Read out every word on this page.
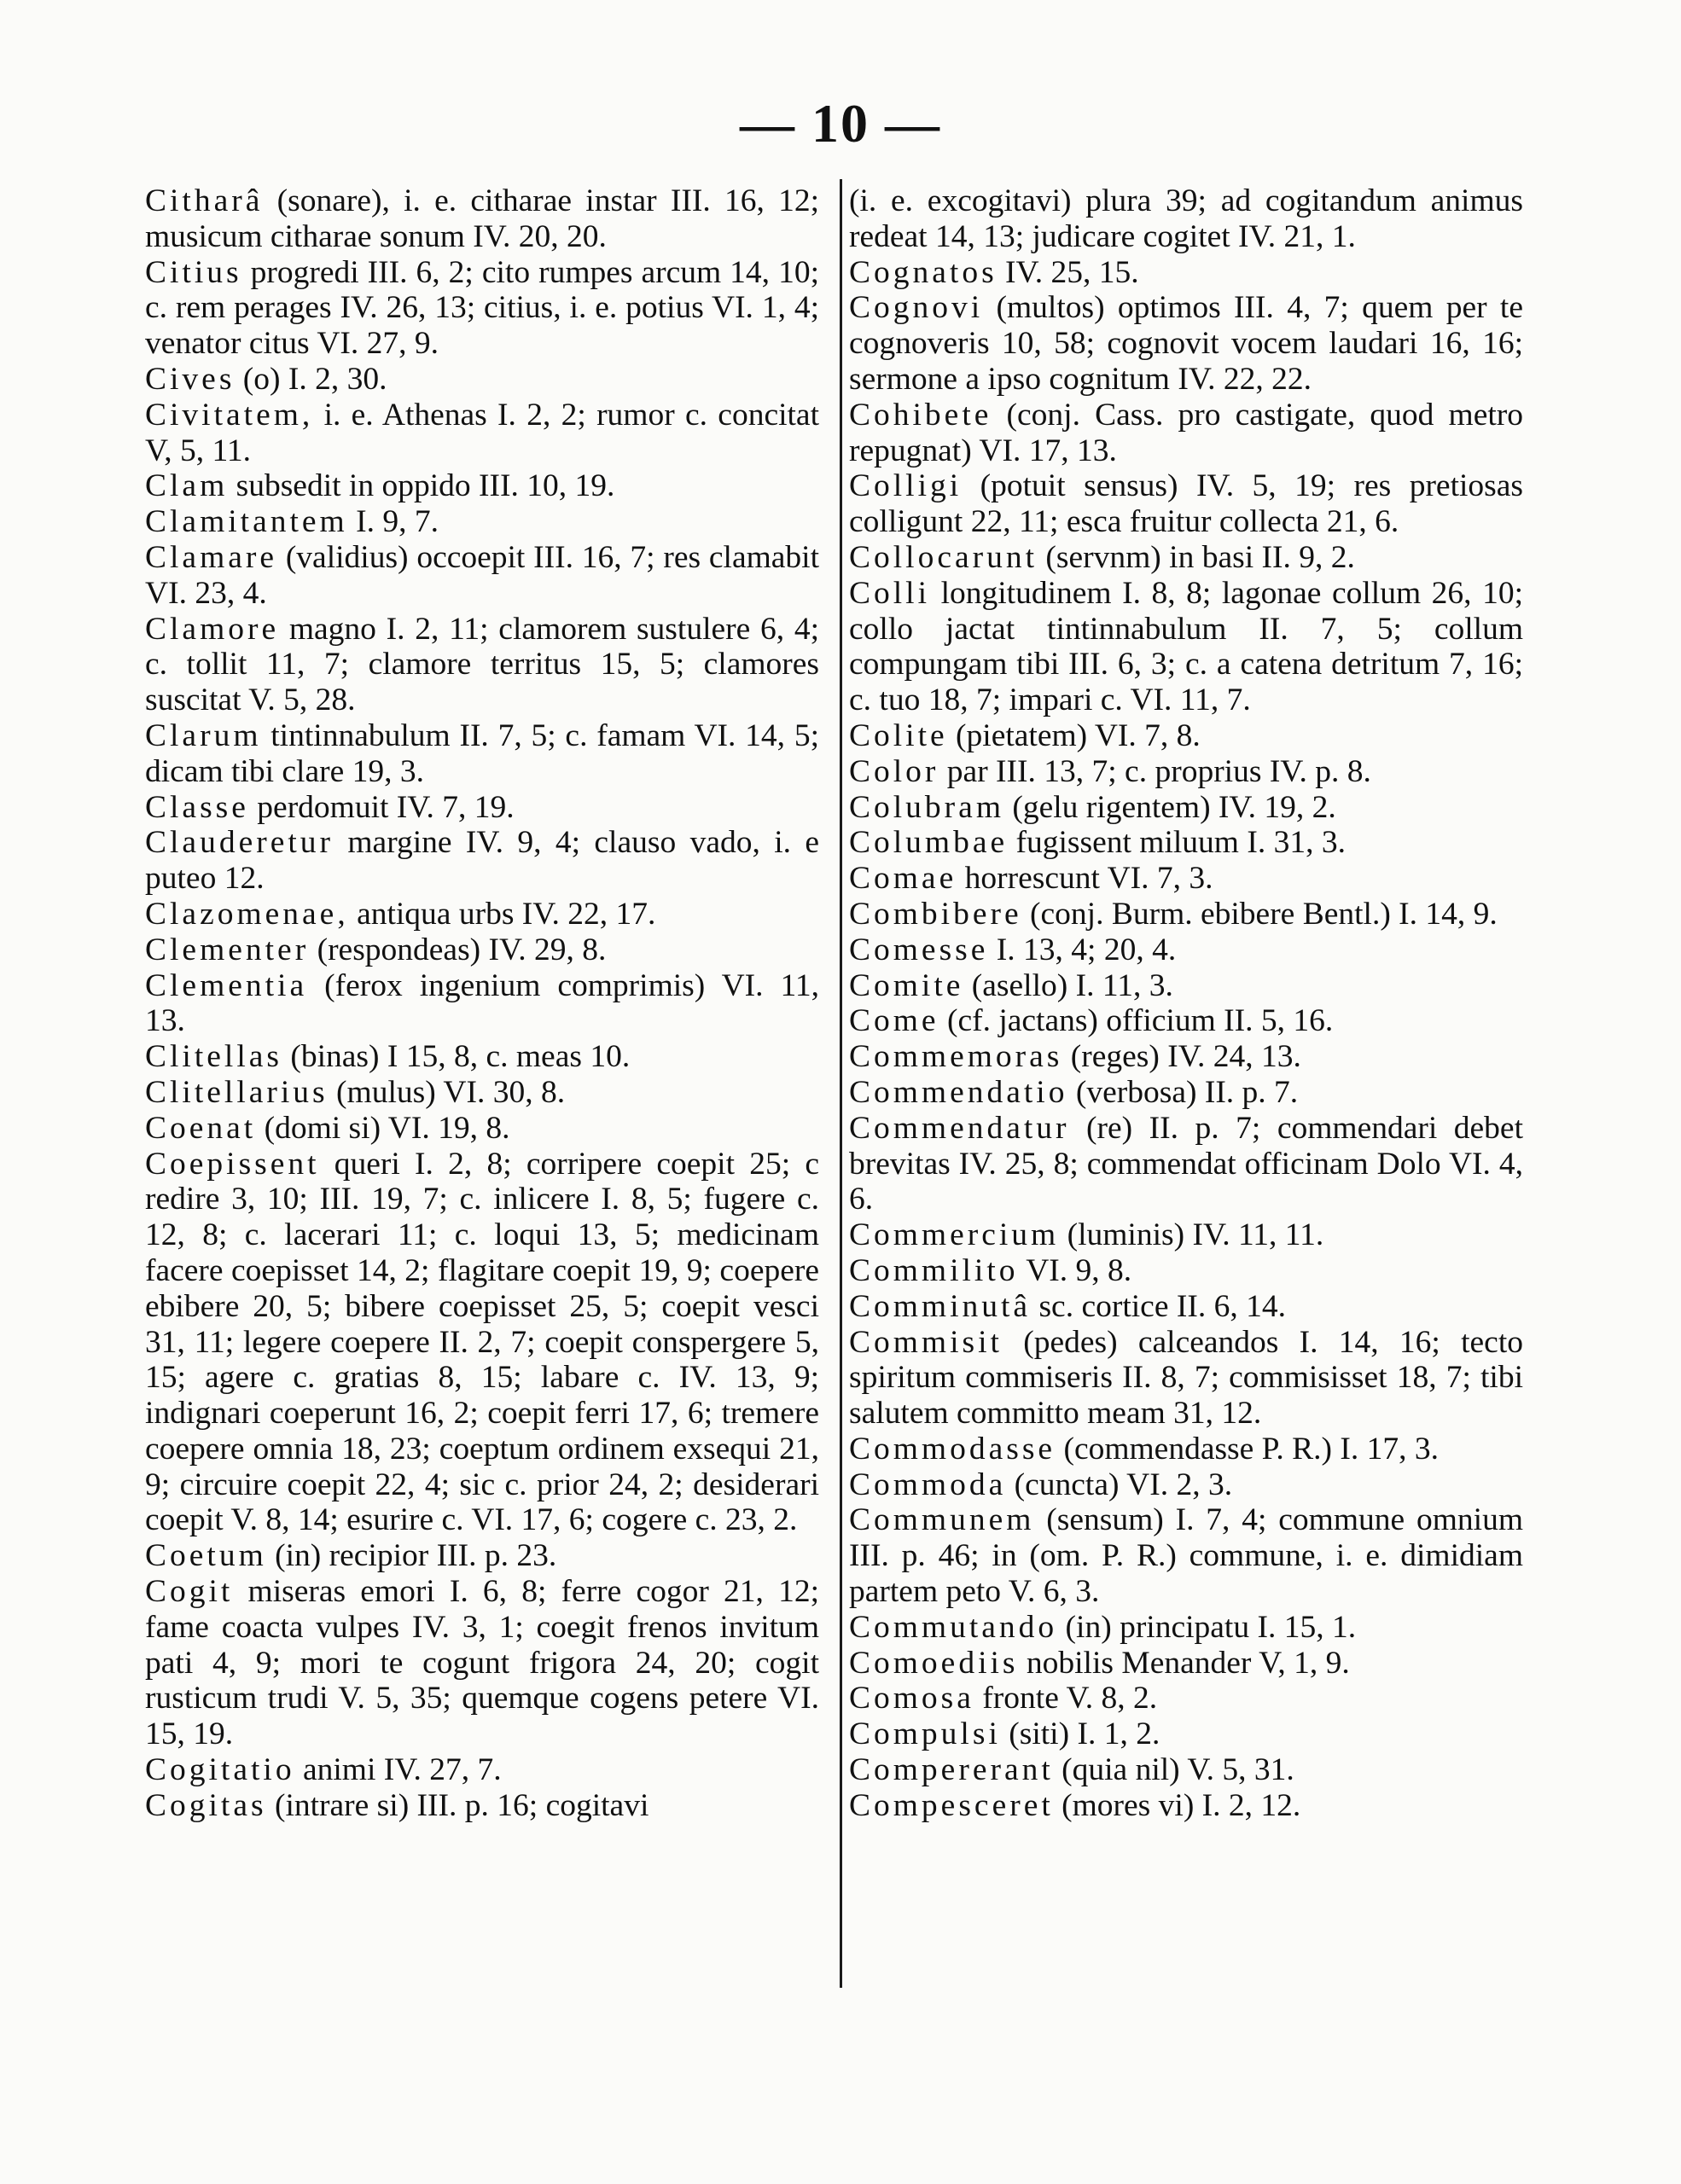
— 10 —

Citharâ (sonare), i. e. citharae instar III. 16, 12; musicum citharae sonum IV. 20, 20.

Citius progredi III. 6, 2; cito rumpes arcum 14, 10; c. rem perages IV. 26, 13; citius, i. e. potius VI. 1, 4; venator citus VI. 27, 9.

Cives (o) I. 2, 30.

Civitatem, i. e. Athenas I. 2, 2; rumor c. concitat V, 5, 11.

Clam subsedit in oppido III. 10, 19.

Clamitantem I. 9, 7.

Clamare (validius) occoepit III. 16, 7; res clamabit VI. 23, 4.

Clamore magno I. 2, 11; clamorem sustulere 6, 4; c. tollit 11, 7; clamore territus 15, 5; clamores suscitat V. 5, 28.

Clarum tintinnabulum II. 7, 5; c. famam VI. 14, 5; dicam tibi clare 19, 3.

Classe perdomuit IV. 7, 19.

Clauderetur margine IV. 9, 4; clauso vado, i. e puteo 12.

Clazomenae, antiqua urbs IV. 22, 17.

Clementer (respondeas) IV. 29, 8.

Clementia (ferox ingenium comprimis) VI. 11, 13.

Clitellas (binas) I 15, 8, c. meas 10.

Clitellarius (mulus) VI. 30, 8.

Coenat (domi si) VI. 19, 8.

Coepissent queri I. 2, 8; corripere coepit 25; c redire 3, 10; III. 19, 7; c. inlicere I. 8, 5; fugere c. 12, 8; c. lacerari 11; c. loqui 13, 5; medicinam facere coepisset 14, 2; flagitare coepit 19, 9; coepere ebibere 20, 5; bibere coepisset 25, 5; coepit vesci 31, 11; legere coepere II. 2, 7; coepit conspergere 5, 15; agere c. gratias 8, 15; labare c. IV. 13, 9; indignari coeperunt 16, 2; coepit ferri 17, 6; tremere coepere omnia 18, 23; coeptum ordinem exsequi 21, 9; circuire coepit 22, 4; sic c. prior 24, 2; desiderari coepit V. 8, 14; esurire c. VI. 17, 6; cogere c. 23, 2.

Coetum (in) recipior III. p. 23.

Cogit miseras emori I. 6, 8; ferre cogor 21, 12; fame coacta vulpes IV. 3, 1; coegit frenos invitum pati 4, 9; mori te cogunt frigora 24, 20; cogit rusticum trudi V. 5, 35; quemque cogens petere VI. 15, 19.

Cogitatio animi IV. 27, 7.

Cogitas (intrare si) III. p. 16; cogitavi

(i. e. excogitavi) plura 39; ad cogitandum animus redeat 14, 13; judicare cogitet IV. 21, 1.

Cognatos IV. 25, 15.

Cognovi (multos) optimos III. 4, 7; quem per te cognoveris 10, 58; cognovit vocem laudari 16, 16; sermone a ipso cognitum IV. 22, 22.

Cohibete (conj. Cass. pro castigate, quod metro repugnat) VI. 17, 13.

Colligi (potuit sensus) IV. 5, 19; res pretiosas colligunt 22, 11; esca fruitur collecta 21, 6.

Collocarunt (servnm) in basi II. 9, 2.

Colli longitudinem I. 8, 8; lagonae collum 26, 10; collo jactat tintinnabulum II. 7, 5; collum compungam tibi III. 6, 3; c. a catena detritum 7, 16; c. tuo 18, 7; impari c. VI. 11, 7.

Colite (pietatem) VI. 7, 8.

Color par III. 13, 7; c. proprius IV. p. 8.

Colubram (gelu rigentem) IV. 19, 2.

Columbae fugissent miluum I. 31, 3.

Comae horrescunt VI. 7, 3.

Combibere (conj. Burm. ebibere Bentl.) I. 14, 9.

Comesse I. 13, 4; 20, 4.

Comite (asello) I. 11, 3.

Come (cf. jactans) officium II. 5, 16.

Commemoras (reges) IV. 24, 13.

Commendatio (verbosa) II. p. 7.

Commendatur (re) II. p. 7; commendari debet brevitas IV. 25, 8; commendat officinam Dolo VI. 4, 6.

Commercium (luminis) IV. 11, 11.

Commilito VI. 9, 8.

Comminutâ sc. cortice II. 6, 14.

Commisit (pedes) calceandos I. 14, 16; tecto spiritum commiseris II. 8, 7; commisisset 18, 7; tibi salutem committo meam 31, 12.

Commodasse (commendasse P. R.) I. 17, 3.

Commoda (cuncta) VI. 2, 3.

Communem (sensum) I. 7, 4; commune omnium III. p. 46; in (om. P. R.) commune, i. e. dimidiam partem peto V. 6, 3.

Commutando (in) principatu I. 15, 1.

Comoediis nobilis Menander V, 1, 9.

Comosa fronte V. 8, 2.

Compulsi (siti) I. 1, 2.

Compererant (quia nil) V. 5, 31.

Compesceret (mores vi) I. 2, 12.
